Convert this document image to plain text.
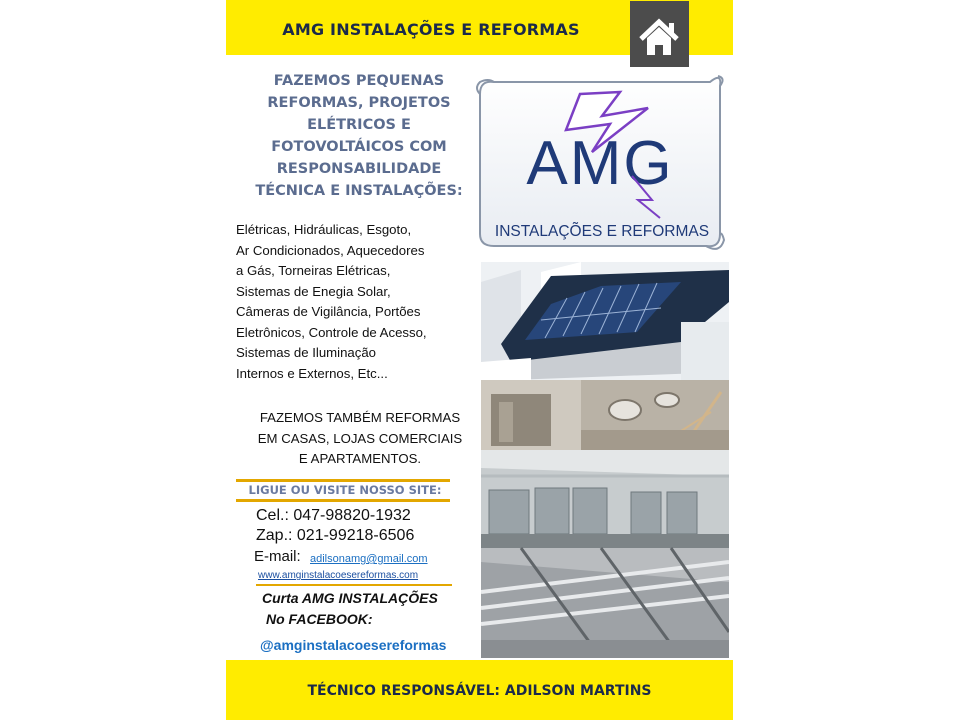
AMG INSTALAÇÕES E REFORMAS
FAZEMOS PEQUENAS
REFORMAS, PROJETOS
ELÉTRICOS E
FOTOVOLTÁICOS COM
RESPONSABILIDADE
TÉCNICA E INSTALAÇÕES:
Elétricas, Hidráulicas, Esgoto,
Ar Condicionados, Aquecedores
a Gás, Torneiras Elétricas,
Sistemas de Enegia Solar,
Câmeras de Vigilância, Portões
Eletrônicos, Controle de Acesso,
Sistemas de Iluminação
Internos e Externos, Etc...
FAZEMOS TAMBÉM REFORMAS
EM CASAS, LOJAS COMERCIAIS
E APARTAMENTOS.
LIGUE OU VISITE NOSSO SITE:
Cel.: 047-98820-1932
Zap.: 021-99218-6506
E-mail: adilsonamg@gmail.com
www.amginstalacoesereformas.com
Curta AMG INSTALAÇÕES
No FACEBOOK:
@amginstalacoesereformas
AMG
INSTALAÇÕES E REFORMAS
TÉCNICO RESPONSÁVEL: ADILSON MARTINS
